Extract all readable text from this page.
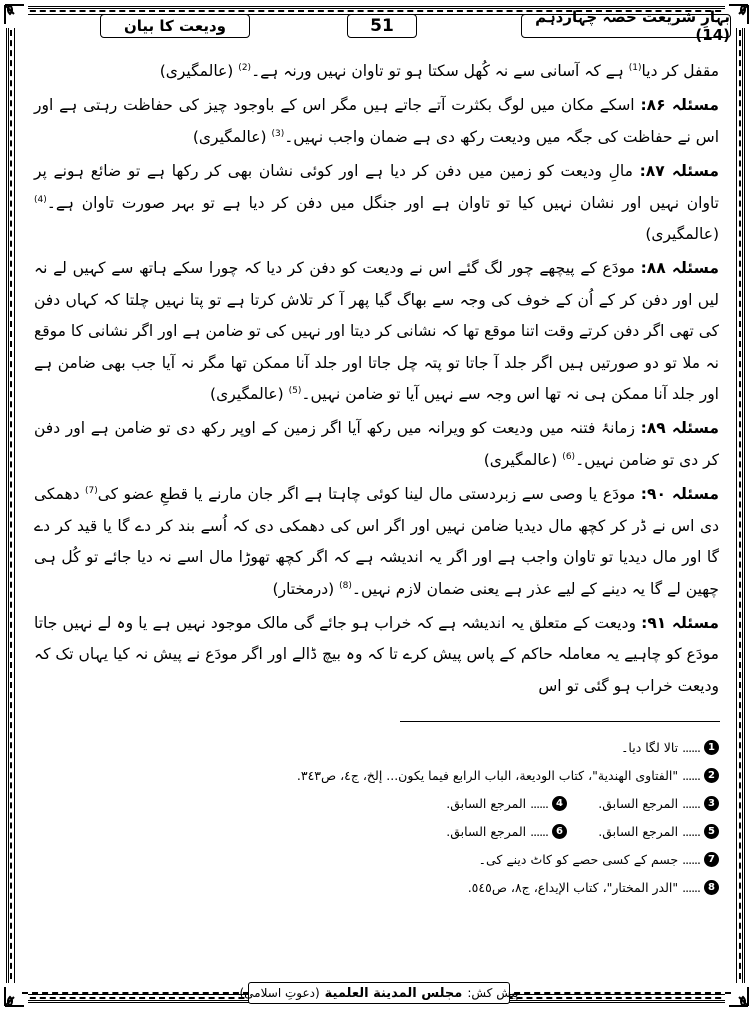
بہارِ شریعت حصہ چہاردہم (14)
51
ودیعت کا بیان

مقفل کر دیا$^{(1)}$ ہے کہ آسانی سے نہ کُھل سکتا ہو تو تاوان نہیں ورنہ ہے۔$^{(2)}$ (عالمگیری)

مسئلہ ۸۶: اسکے مکان میں لوگ بکثرت آتے جاتے ہیں مگر اس کے باوجود چیز کی حفاظت رہتی ہے اور اس نے حفاظت کی جگہ میں ودیعت رکھ دی ہے ضمان واجب نہیں۔$^{(3)}$ (عالمگیری)

مسئلہ ۸۷: مالِ ودیعت کو زمین میں دفن کر دیا ہے اور کوئی نشان بھی کر رکھا ہے تو ضائع ہونے پر تاوان نہیں اور نشان نہیں کیا تو تاوان ہے اور جنگل میں دفن کر دیا ہے تو بہر صورت تاوان ہے۔$^{(4)}$ (عالمگیری)

مسئلہ ۸۸: مودَع کے پیچھے چور لگ گئے اس نے ودیعت کو دفن کر دیا کہ چورا سکے ہاتھ سے کہیں لے نہ لیں اور دفن کر کے اُن کے خوف کی وجہ سے بھاگ گیا پھر آ کر تلاش کرتا ہے تو پتا نہیں چلتا کہ کہاں دفن کی تھی اگر دفن کرتے وقت اتنا موقع تھا کہ نشانی کر دیتا اور نہیں کی تو ضامن ہے اور اگر نشانی کا موقع نہ ملا تو دو صورتیں ہیں اگر جلد آ جاتا تو پتہ چل جاتا اور جلد آنا ممکن تھا مگر نہ آیا جب بھی ضامن ہے اور جلد آنا ممکن ہی نہ تھا اس وجہ سے نہیں آیا تو ضامن نہیں۔$^{(5)}$ (عالمگیری)

مسئلہ ۸۹: زمانۂ فتنہ میں ودیعت کو ویرانہ میں رکھ آیا اگر زمین کے اوپر رکھ دی تو ضامن ہے اور دفن کر دی تو ضامن نہیں۔$^{(6)}$ (عالمگیری)

مسئلہ ۹۰: مودَع یا وصی سے زبردستی مال لینا کوئی چاہتا ہے اگر جان مارنے یا قطعِ عضو کی$^{(7)}$ دھمکی دی اس نے ڈر کر کچھ مال دیدیا ضامن نہیں اور اگر اس کی دھمکی دی کہ اُسے بند کر دے گا یا قید کر دے گا اور مال دیدیا تو تاوان واجب ہے اور اگر یہ اندیشہ ہے کہ اگر کچھ تھوڑا مال اسے نہ دیا جائے تو کُل ہی چھین لے گا یہ دینے کے لیے عذر ہے یعنی ضمان لازم نہیں۔$^{(8)}$ (درمختار)

مسئلہ ۹۱: ودیعت کے متعلق یہ اندیشہ ہے کہ خراب ہو جائے گی مالک موجود نہیں ہے یا وہ لے نہیں جاتا مودَع کو چاہیے یہ معاملہ حاکم کے پاس پیش کرے تا کہ وہ بیچ ڈالے اور اگر مودَع نے پیش نہ کیا یہاں تک کہ ودیعت خراب ہو گئی تو اس

1
......
تالا لگا دیا۔
2
......
"الفتاوی الهندية"، كتاب الوديعة، الباب الرابع فيما يكون... إلخ، ج٤، ص٣٤٣.
3
......
المرجع السابق.
4
......
المرجع السابق.
5
......
المرجع السابق.
6
......
المرجع السابق.
7
......
جسم کے کسی حصے کو کاٹ دینے کی۔
8
......
"الدر المختار"، كتاب الإيداع، ج٨، ص٥٤٥.
پیش کش:
مجلس المدينة العلمية
(دعوتِ اسلامی)
